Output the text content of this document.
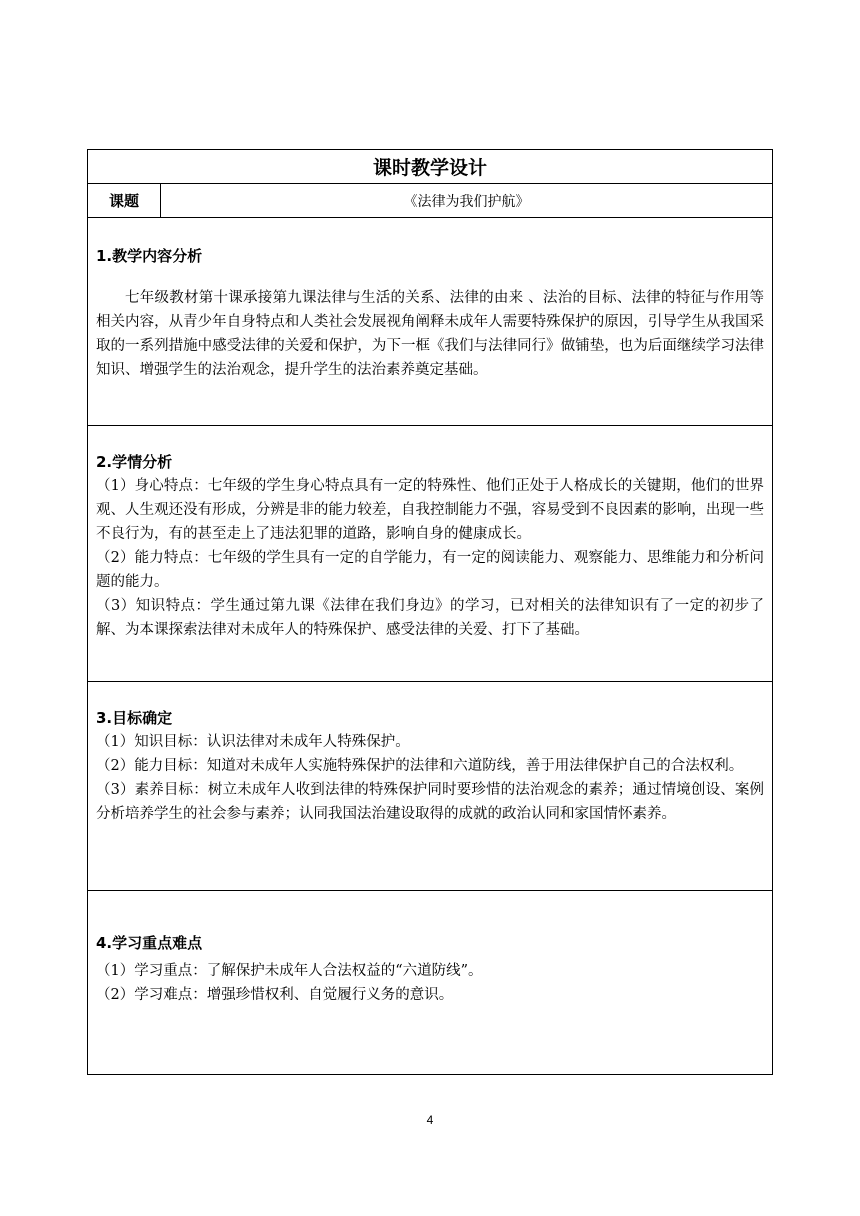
课时教学设计
课题	《法律为我们护航》

1.教学内容分析

七年级教材第十课承接第九课法律与生活的关系、法律的由来 、法治的目标、法律的特征与作用等相关内容，从青少年自身特点和人类社会发展视角阐释未成年人需要特殊保护的原因，引导学生从我国采取的一系列措施中感受法律的关爱和保护，为下一框《我们与法律同行》做铺垫，也为后面继续学习法律知识、增强学生的法治观念，提升学生的法治素养奠定基础。

2.学情分析

（1）身心特点：七年级的学生身心特点具有一定的特殊性、他们正处于人格成长的关键期，他们的世界观、人生观还没有形成，分辨是非的能力较差，自我控制能力不强，容易受到不良因素的影响，出现一些不良行为，有的甚至走上了违法犯罪的道路，影响自身的健康成长。

（2）能力特点：七年级的学生具有一定的自学能力，有一定的阅读能力、观察能力、思维能力和分析问题的能力。

（3）知识特点：学生通过第九课《法律在我们身边》的学习，已对相关的法律知识有了一定的初步了解、为本课探索法律对未成年人的特殊保护、感受法律的关爱、打下了基础。

3.目标确定

（1）知识目标：认识法律对未成年人特殊保护。

（2）能力目标：知道对未成年人实施特殊保护的法律和六道防线，善于用法律保护自己的合法权利。

（3）素养目标：树立未成年人收到法律的特殊保护同时要珍惜的法治观念的素养；通过情境创设、案例分析培养学生的社会参与素养；认同我国法治建设取得的成就的政治认同和家国情怀素养。

4.学习重点难点

（1）学习重点：了解保护未成年人合法权益的“六道防线”。

（2）学习难点：增强珍惜权利、自觉履行义务的意识。

4
